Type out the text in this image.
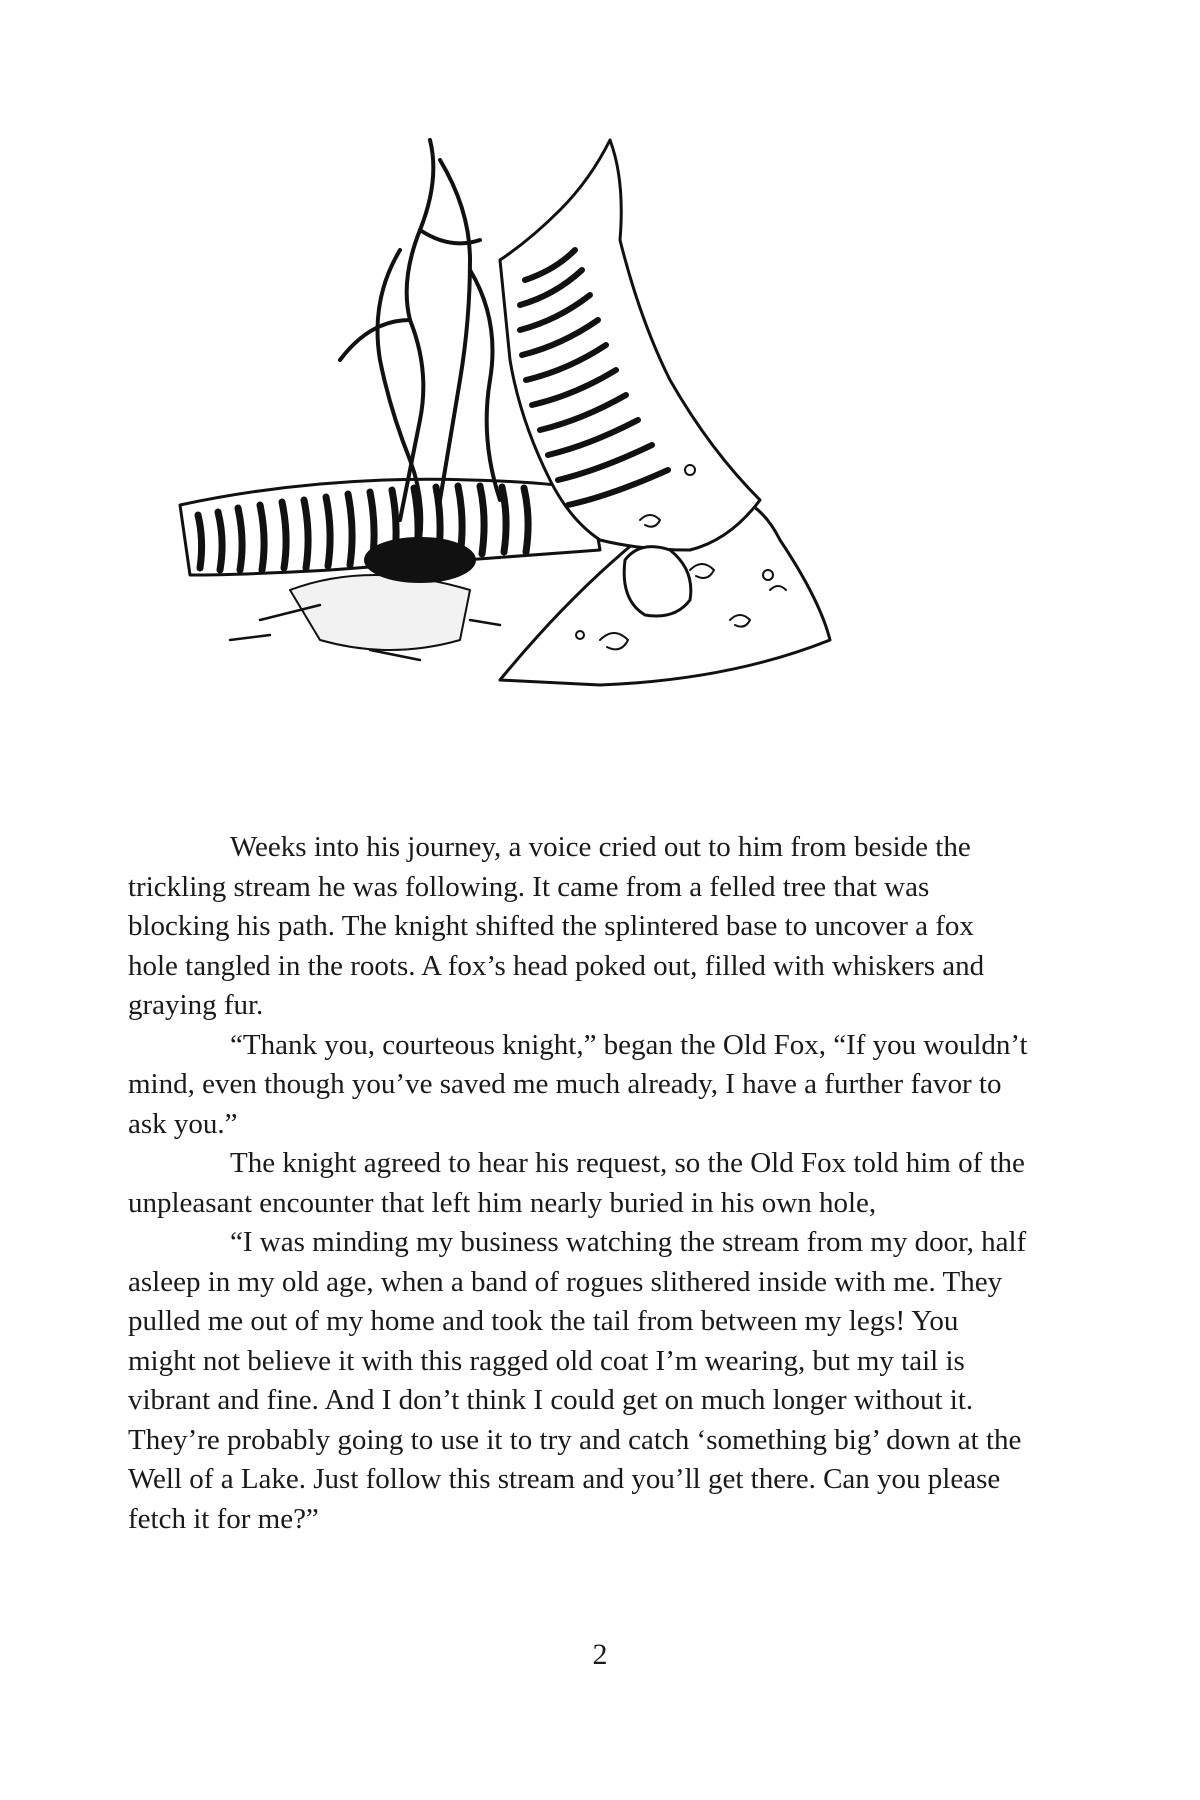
Weeks into his journey, a voice cried out to him from beside the trickling stream he was following. It came from a felled tree that was blocking his path. The knight shifted the splintered base to uncover a fox hole tangled in the roots. A fox’s head poked out, filled with whiskers and graying fur.

“Thank you, courteous knight,” began the Old Fox, “If you wouldn’t mind, even though you’ve saved me much already, I have a further favor to ask you.”

The knight agreed to hear his request, so the Old Fox told him of the unpleasant encounter that left him nearly buried in his own hole,

“I was minding my business watching the stream from my door, half asleep in my old age, when a band of rogues slithered inside with me. They pulled me out of my home and took the tail from between my legs! You might not believe it with this ragged old coat I’m wearing, but my tail is vibrant and fine. And I don’t think I could get on much longer without it. They’re probably going to use it to try and catch ‘something big’ down at the Well of a Lake. Just follow this stream and you’ll get there. Can you please fetch it for me?”

2
